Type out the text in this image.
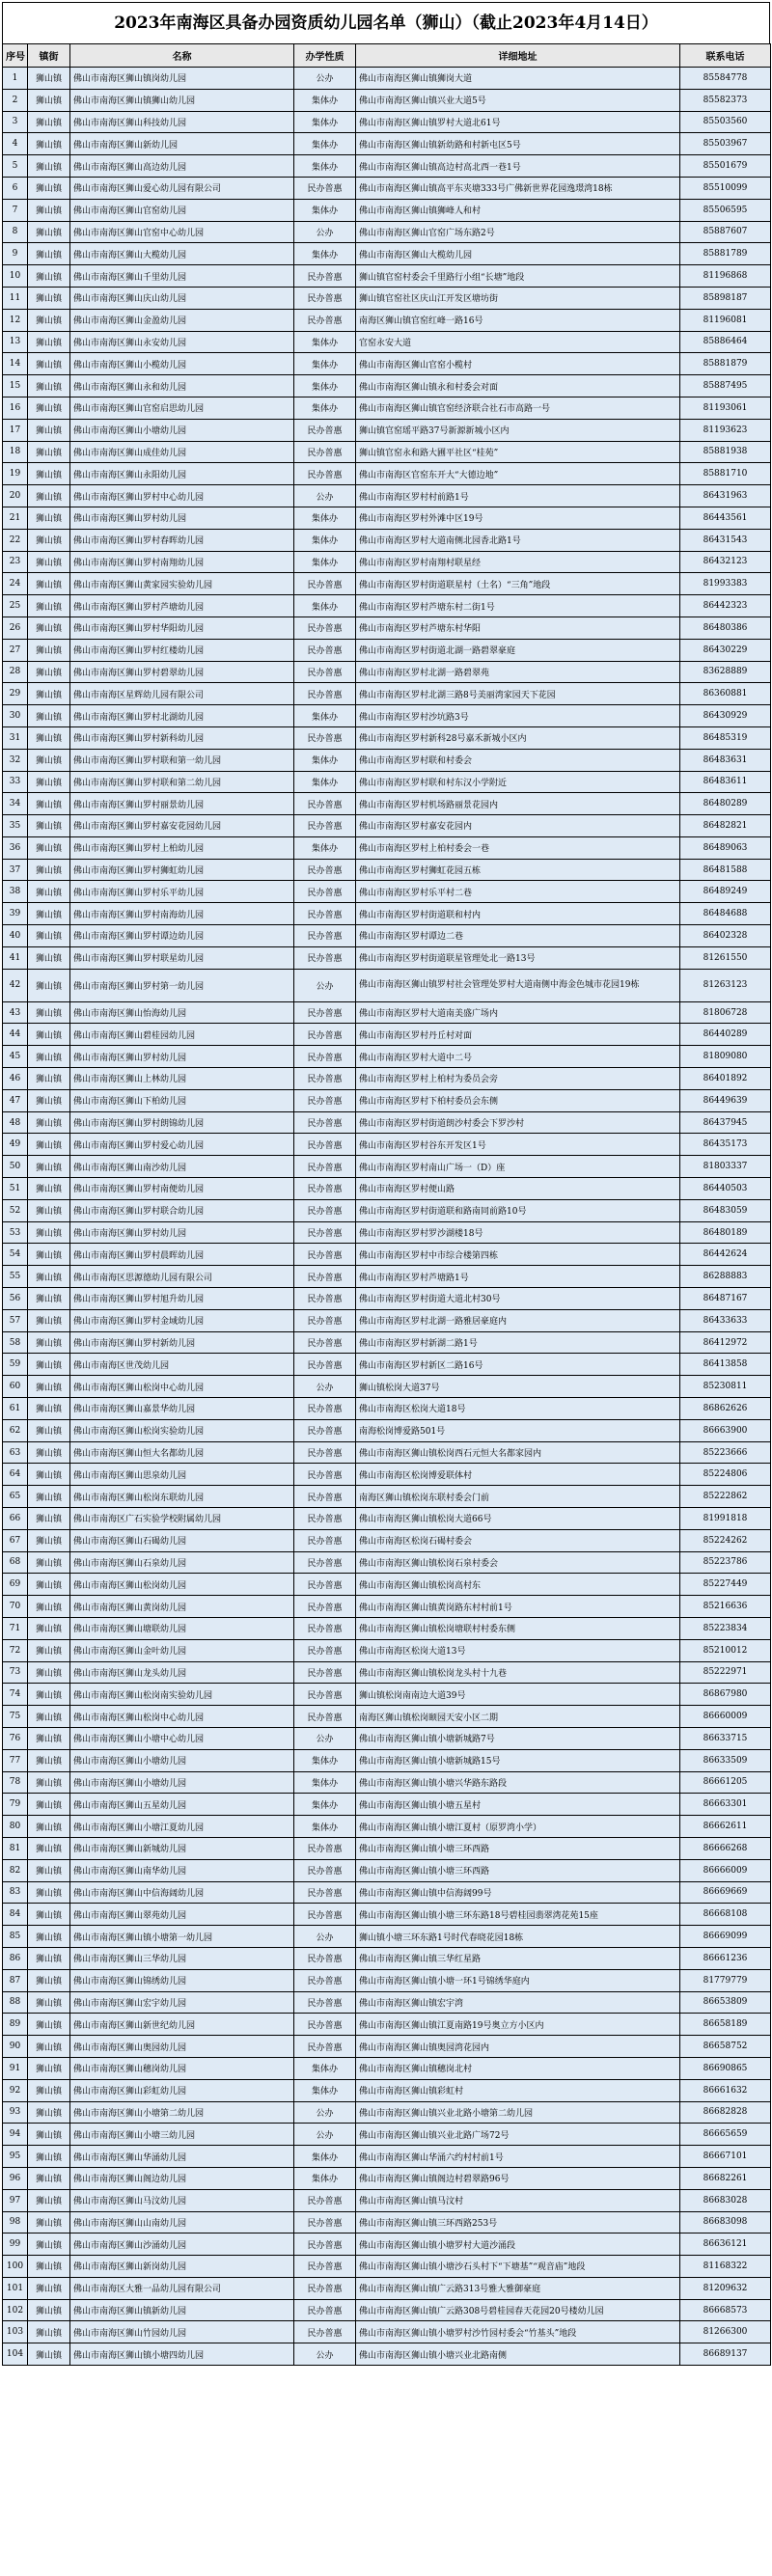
2023年南海区具备办园资质幼儿园名单（狮山）（截止2023年4月14日）
序号	镇街	名称	办学性质	详细地址	联系电话
1	狮山镇	佛山市南海区狮山镇岗幼儿园	公办	佛山市南海区狮山镇狮岗大道	85584778
2	狮山镇	佛山市南海区狮山镇狮山幼儿园	集体办	佛山市南海区狮山镇兴业大道5号	85582373
3	狮山镇	佛山市南海区狮山科技幼儿园	集体办	佛山市南海区狮山镇罗村大道北61号	85503560
4	狮山镇	佛山市南海区狮山新幼儿园	集体办	佛山市南海区狮山镇新幼路和村新屯区5号	85503967
5	狮山镇	佛山市南海区狮山高边幼儿园	集体办	佛山市南海区狮山镇高边村高北西一巷1号	85501679
6	狮山镇	佛山市南海区狮山爱心幼儿园有限公司	民办普惠	佛山市南海区狮山镇高平东夹塘333号广佛新世界花园逸璟湾18栋	85510099
7	狮山镇	佛山市南海区狮山官窑幼儿园	集体办	佛山市南海区狮山镇狮峰人和村	85506595
8	狮山镇	佛山市南海区狮山官窑中心幼儿园	公办	佛山市南海区狮山官窑广场东路2号	85887607
9	狮山镇	佛山市南海区狮山大榄幼儿园	集体办	佛山市南海区狮山大榄幼儿园	85881789
10	狮山镇	佛山市南海区狮山千里幼儿园	民办普惠	狮山镇官窑村委会千里路行小组“长塘”地段	81196868
11	狮山镇	佛山市南海区狮山庆山幼儿园	民办普惠	狮山镇官窑社区庆山江开发区塘坊街	85898187
12	狮山镇	佛山市南海区狮山金盈幼儿园	民办普惠	南海区狮山镇官窑红峰一路16号	81196081
13	狮山镇	佛山市南海区狮山永安幼儿园	集体办	官窑永安大道	85886464
14	狮山镇	佛山市南海区狮山小榄幼儿园	集体办	佛山市南海区狮山官窑小榄村	85881879
15	狮山镇	佛山市南海区狮山永和幼儿园	集体办	佛山市南海区狮山镇永和村委会对面	85887495
16	狮山镇	佛山市南海区狮山官窑启思幼儿园	集体办	佛山市南海区狮山镇官窑经济联合社石市高路一号	81193061
17	狮山镇	佛山市南海区狮山小塘幼儿园	民办普惠	狮山镇官窑瑶平路37号新源新城小区内	81193623
18	狮山镇	佛山市南海区狮山成佳幼儿园	民办普惠	狮山镇官窑永和路大圃平社区“桂苑”	85881938
19	狮山镇	佛山市南海区狮山永阳幼儿园	民办普惠	佛山市南海区官窑东开大“大德边地”	85881710
20	狮山镇	佛山市南海区狮山罗村中心幼儿园	公办	佛山市南海区罗村村前路1号	86431963
21	狮山镇	佛山市南海区狮山罗村幼儿园	集体办	佛山市南海区罗村外滩中区19号	86443561
22	狮山镇	佛山市南海区狮山罗村春晖幼儿园	集体办	佛山市南海区罗村大道南侧北园香北路1号	86431543
23	狮山镇	佛山市南海区狮山罗村南翔幼儿园	集体办	佛山市南海区罗村南翔村联星经	86432123
24	狮山镇	佛山市南海区狮山黄家园实验幼儿园	民办普惠	佛山市南海区罗村街道联星村（土名）“三角”地段	81993383
25	狮山镇	佛山市南海区狮山罗村芦塘幼儿园	集体办	佛山市南海区罗村芦塘东村二街1号	86442323
26	狮山镇	佛山市南海区狮山罗村华阳幼儿园	民办普惠	佛山市南海区罗村芦塘东村华阳	86480386
27	狮山镇	佛山市南海区狮山罗村红楼幼儿园	民办普惠	佛山市南海区罗村街道北湖一路碧翠豪庭	86430229
28	狮山镇	佛山市南海区狮山罗村碧翠幼儿园	民办普惠	佛山市南海区罗村北湖一路碧翠苑	83628889
29	狮山镇	佛山市南海区星辉幼儿园有限公司	民办普惠	佛山市南海区罗村北湖三路8号美丽湾家园天下花园	86360881
30	狮山镇	佛山市南海区狮山罗村北湖幼儿园	集体办	佛山市南海区罗村沙坑路3号	86430929
31	狮山镇	佛山市南海区狮山罗村新科幼儿园	民办普惠	佛山市南海区罗村新科28号嘉禾新城小区内	86485319
32	狮山镇	佛山市南海区狮山罗村联和第一幼儿园	集体办	佛山市南海区罗村联和村委会	86483631
33	狮山镇	佛山市南海区狮山罗村联和第二幼儿园	集体办	佛山市南海区罗村联和村东汉小学附近	86483611
34	狮山镇	佛山市南海区狮山罗村丽景幼儿园	民办普惠	佛山市南海区罗村机场路丽景花园内	86480289
35	狮山镇	佛山市南海区狮山罗村嘉安花园幼儿园	民办普惠	佛山市南海区罗村嘉安花园内	86482821
36	狮山镇	佛山市南海区狮山罗村上柏幼儿园	集体办	佛山市南海区罗村上柏村委会一巷	86489063
37	狮山镇	佛山市南海区狮山罗村狮虹幼儿园	民办普惠	佛山市南海区罗村狮虹花园五栋	86481588
38	狮山镇	佛山市南海区狮山罗村乐平幼儿园	民办普惠	佛山市南海区罗村乐平村二巷	86489249
39	狮山镇	佛山市南海区狮山罗村南海幼儿园	民办普惠	佛山市南海区罗村街道联和村内	86484688
40	狮山镇	佛山市南海区狮山罗村谭边幼儿园	民办普惠	佛山市南海区罗村谭边二巷	86402328
41	狮山镇	佛山市南海区狮山罗村联星幼儿园	民办普惠	佛山市南海区罗村街道联星管理处北一路13号	81261550
42	狮山镇	佛山市南海区狮山罗村第一幼儿园	公办	佛山市南海区狮山镇罗村社会管理处罗村大道南侧中海金色城市花园19栋	81263123
43	狮山镇	佛山市南海区狮山怡海幼儿园	民办普惠	佛山市南海区罗村大道南美盛广场内	81806728
44	狮山镇	佛山市南海区狮山碧桂园幼儿园	民办普惠	佛山市南海区罗村丹丘村对面	86440289
45	狮山镇	佛山市南海区狮山罗村幼儿园	民办普惠	佛山市南海区罗村大道中二号	81809080
46	狮山镇	佛山市南海区狮山上林幼儿园	民办普惠	佛山市南海区罗村上柏村为委员会旁	86401892
47	狮山镇	佛山市南海区狮山下柏幼儿园	民办普惠	佛山市南海区罗村下柏村委员会东侧	86449639
48	狮山镇	佛山市南海区狮山罗村朗锦幼儿园	民办普惠	佛山市南海区罗村街道朗沙村委会下罗沙村	86437945
49	狮山镇	佛山市南海区狮山罗村爱心幼儿园	民办普惠	佛山市南海区罗村谷东开发区1号	86435173
50	狮山镇	佛山市南海区狮山南沙幼儿园	民办普惠	佛山市南海区罗村南山广场一（D）座	81803337
51	狮山镇	佛山市南海区狮山罗村南便幼儿园	民办普惠	佛山市南海区罗村便山路	86440503
52	狮山镇	佛山市南海区狮山罗村联合幼儿园	民办普惠	佛山市南海区罗村街道联和路南同前路10号	86483059
53	狮山镇	佛山市南海区狮山罗村幼儿园	民办普惠	佛山市南海区罗村罗沙湖楼18号	86480189
54	狮山镇	佛山市南海区狮山罗村晨晖幼儿园	民办普惠	佛山市南海区罗村中市综合楼第四栋	86442624
55	狮山镇	佛山市南海区思源德幼儿园有限公司	民办普惠	佛山市南海区罗村芦塘路1号	86288883
56	狮山镇	佛山市南海区狮山罗村旭升幼儿园	民办普惠	佛山市南海区罗村街道大道北村30号	86487167
57	狮山镇	佛山市南海区狮山罗村金域幼儿园	民办普惠	佛山市南海区罗村北湖一路雅居豪庭内	86433633
58	狮山镇	佛山市南海区狮山罗村新幼儿园	民办普惠	佛山市南海区罗村新湖二路1号	86412972
59	狮山镇	佛山市南海区世茂幼儿园	民办普惠	佛山市南海区罗村新区二路16号	86413858
60	狮山镇	佛山市南海区狮山松岗中心幼儿园	公办	狮山镇松岗大道37号	85230811
61	狮山镇	佛山市南海区狮山嘉景华幼儿园	民办普惠	佛山市南海区松岗大道18号	86862626
62	狮山镇	佛山市南海区狮山松岗实验幼儿园	民办普惠	南海松岗博爱路501号	86663900
63	狮山镇	佛山市南海区狮山恒大名都幼儿园	民办普惠	佛山市南海区狮山镇松岗西石元恒大名都家园内	85223666
64	狮山镇	佛山市南海区狮山思泉幼儿园	民办普惠	佛山市南海区松岗博爱联体村	85224806
65	狮山镇	佛山市南海区狮山松岗东联幼儿园	民办普惠	南海区狮山镇松岗东联村委会门前	85222862
66	狮山镇	佛山市南海区广石实验学校附属幼儿园	民办普惠	佛山市南海区狮山镇松岗大道66号	81991818
67	狮山镇	佛山市南海区狮山石碣幼儿园	民办普惠	佛山市南海区松岗石碣村委会	85224262
68	狮山镇	佛山市南海区狮山石泉幼儿园	民办普惠	佛山市南海区狮山镇松岗石泉村委会	85223786
69	狮山镇	佛山市南海区狮山松岗幼儿园	民办普惠	佛山市南海区狮山镇松岗高村东	85227449
70	狮山镇	佛山市南海区狮山黄岗幼儿园	民办普惠	佛山市南海区狮山镇黄岗路东村村前1号	85216636
71	狮山镇	佛山市南海区狮山塘联幼儿园	民办普惠	佛山市南海区狮山镇松岗塘联村村委东侧	85223834
72	狮山镇	佛山市南海区狮山金叶幼儿园	民办普惠	佛山市南海区松岗大道13号	85210012
73	狮山镇	佛山市南海区狮山龙头幼儿园	民办普惠	佛山市南海区狮山镇松岗龙头村十九巷	85222971
74	狮山镇	佛山市南海区狮山松岗南实验幼儿园	民办普惠	狮山镇松岗南南边大道39号	86867980
75	狮山镇	佛山市南海区狮山松岗中心幼儿园	民办普惠	南海区狮山镇松岗颐园天安小区二期	86660009
76	狮山镇	佛山市南海区狮山小塘中心幼儿园	公办	佛山市南海区狮山镇小塘新城路7号	86633715
77	狮山镇	佛山市南海区狮山小塘幼儿园	集体办	佛山市南海区狮山镇小塘新城路15号	86633509
78	狮山镇	佛山市南海区狮山小塘幼儿园	集体办	佛山市南海区狮山镇小塘兴华路东路段	86661205
79	狮山镇	佛山市南海区狮山五星幼儿园	集体办	佛山市南海区狮山镇小塘五星村	86663301
80	狮山镇	佛山市南海区狮山小塘江夏幼儿园	集体办	佛山市南海区狮山镇小塘江夏村（原罗湾小学）	86662611
81	狮山镇	佛山市南海区狮山新城幼儿园	民办普惠	佛山市南海区狮山镇小塘三环西路	86666268
82	狮山镇	佛山市南海区狮山南华幼儿园	民办普惠	佛山市南海区狮山镇小塘三环西路	86666009
83	狮山镇	佛山市南海区狮山中信海阔幼儿园	民办普惠	佛山市南海区狮山镇中信海阔99号	86669669
84	狮山镇	佛山市南海区狮山翠苑幼儿园	民办普惠	佛山市南海区狮山镇小塘三环东路18号碧桂园翡翠湾花苑15座	86668108
85	狮山镇	佛山市南海区狮山镇小塘第一幼儿园	公办	狮山镇小塘三环东路1号时代春晓花园18栋	86669099
86	狮山镇	佛山市南海区狮山三华幼儿园	民办普惠	佛山市南海区狮山镇三华红星路	86661236
87	狮山镇	佛山市南海区狮山锦绣幼儿园	民办普惠	佛山市南海区狮山镇小塘一环1号锦绣华庭内	81779779
88	狮山镇	佛山市南海区狮山宏宇幼儿园	民办普惠	佛山市南海区狮山镇宏宇湾	86653809
89	狮山镇	佛山市南海区狮山新世纪幼儿园	民办普惠	佛山市南海区狮山镇江夏南路19号奥立方小区内	86658189
90	狮山镇	佛山市南海区狮山奥园幼儿园	民办普惠	佛山市南海区狮山镇奥园湾花园内	86658752
91	狮山镇	佛山市南海区狮山穗岗幼儿园	集体办	佛山市南海区狮山镇穗岗北村	86690865
92	狮山镇	佛山市南海区狮山彩虹幼儿园	集体办	佛山市南海区狮山镇彩虹村	86661632
93	狮山镇	佛山市南海区狮山小塘第二幼儿园	公办	佛山市南海区狮山镇兴业北路小塘第二幼儿园	86682828
94	狮山镇	佛山市南海区狮山小塘三幼儿园	公办	佛山市南海区狮山镇兴业北路广场72号	86665659
95	狮山镇	佛山市南海区狮山华涌幼儿园	集体办	佛山市南海区狮山华涌六约村村前1号	86667101
96	狮山镇	佛山市南海区狮山阁边幼儿园	集体办	佛山市南海区狮山镇阁边村碧翠路96号	86682261
97	狮山镇	佛山市南海区狮山马汶幼儿园	民办普惠	佛山市南海区狮山镇马汶村	86683028
98	狮山镇	佛山市南海区狮山山南幼儿园	民办普惠	佛山市南海区狮山镇三环西路253号	86683098
99	狮山镇	佛山市南海区狮山沙涌幼儿园	民办普惠	佛山市南海区狮山镇小塘罗村大道沙涌段	86636121
100	狮山镇	佛山市南海区狮山新岗幼儿园	民办普惠	佛山市南海区狮山镇小塘沙石头村下“下塘基”“观音庙”地段	81168322
101	狮山镇	佛山市南海区大雅一品幼儿园有限公司	民办普惠	佛山市南海区狮山镇广云路313号雅大雅御豪庭	81209632
102	狮山镇	佛山市南海区狮山镇新幼儿园	民办普惠	佛山市南海区狮山镇广云路308号碧桂园春天花园20号楼幼儿园	86668573
103	狮山镇	佛山市南海区狮山竹园幼儿园	民办普惠	佛山市南海区狮山镇小塘罗村沙竹园村委会“竹基头”地段	81266300
104	狮山镇	佛山市南海区狮山镇小塘四幼儿园	公办	佛山市南海区狮山镇小塘兴业北路南侧	86689137
